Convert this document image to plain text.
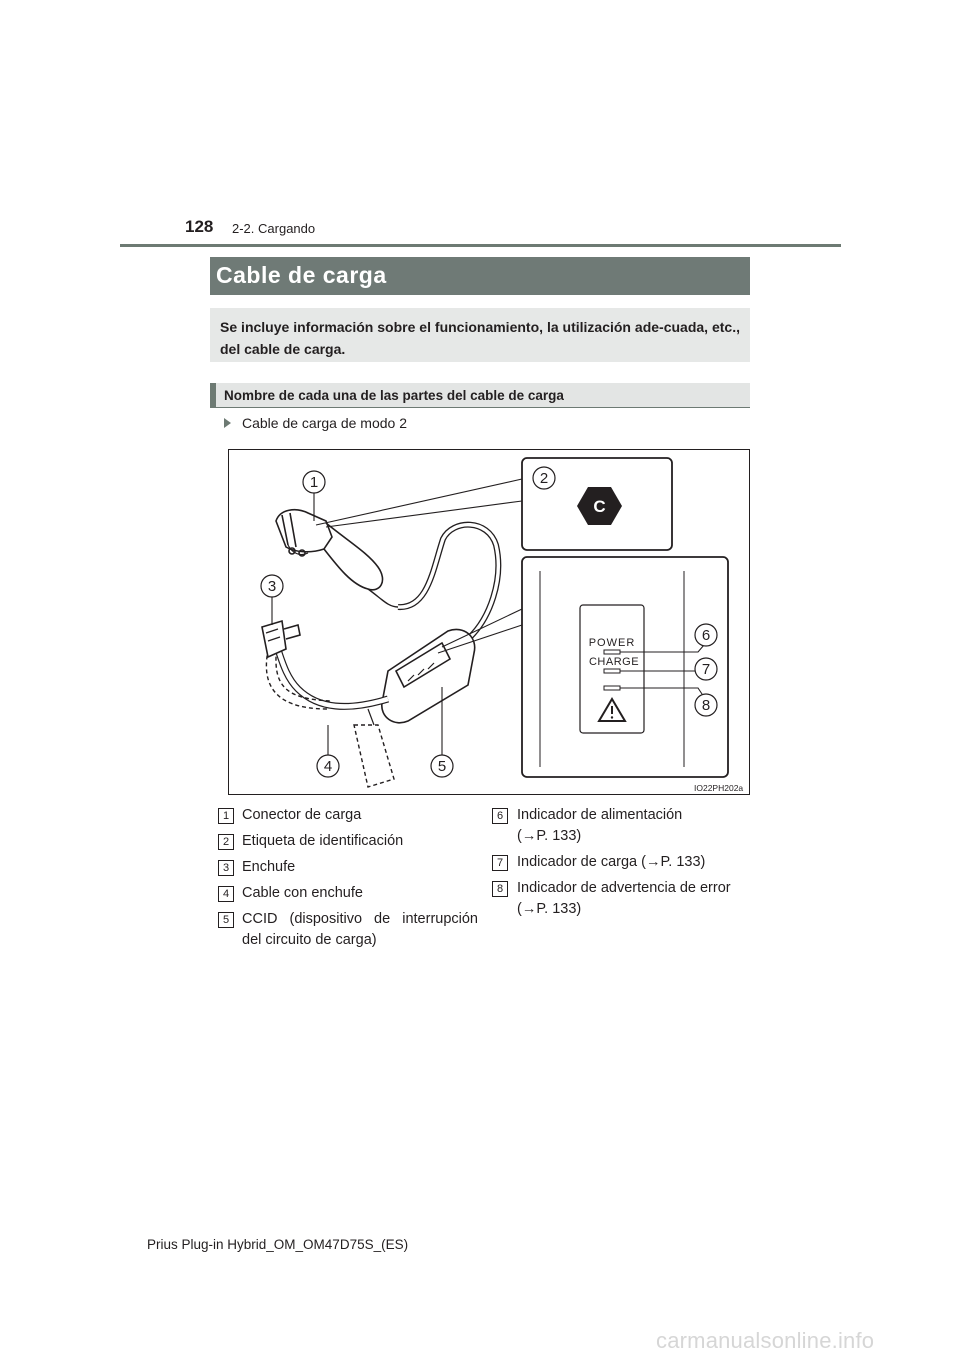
128 2-2. Cargando
Cable de carga
Se incluye información sobre el funcionamiento, la utilización ade-cuada, etc., del cable de carga.
Nombre de cada una de las partes del cable de carga
Cable de carga de modo 2
C
POWER
CHARGE
1	2
3
4	5
6
7
8
IO22PH202a
1 Conector de carga
2 Etiqueta de identificación
3 Enchufe
4 Cable con enchufe
5 CCID (dispositivo de interrupción
del circuito de carga)
6 Indicador de alimentación
(→P. 133)
7 Indicador de carga (→P. 133)
8 Indicador de advertencia de error
(→P. 133)
Prius Plug-in Hybrid_OM_OM47D75S_(ES)
carmanualsonline.info
